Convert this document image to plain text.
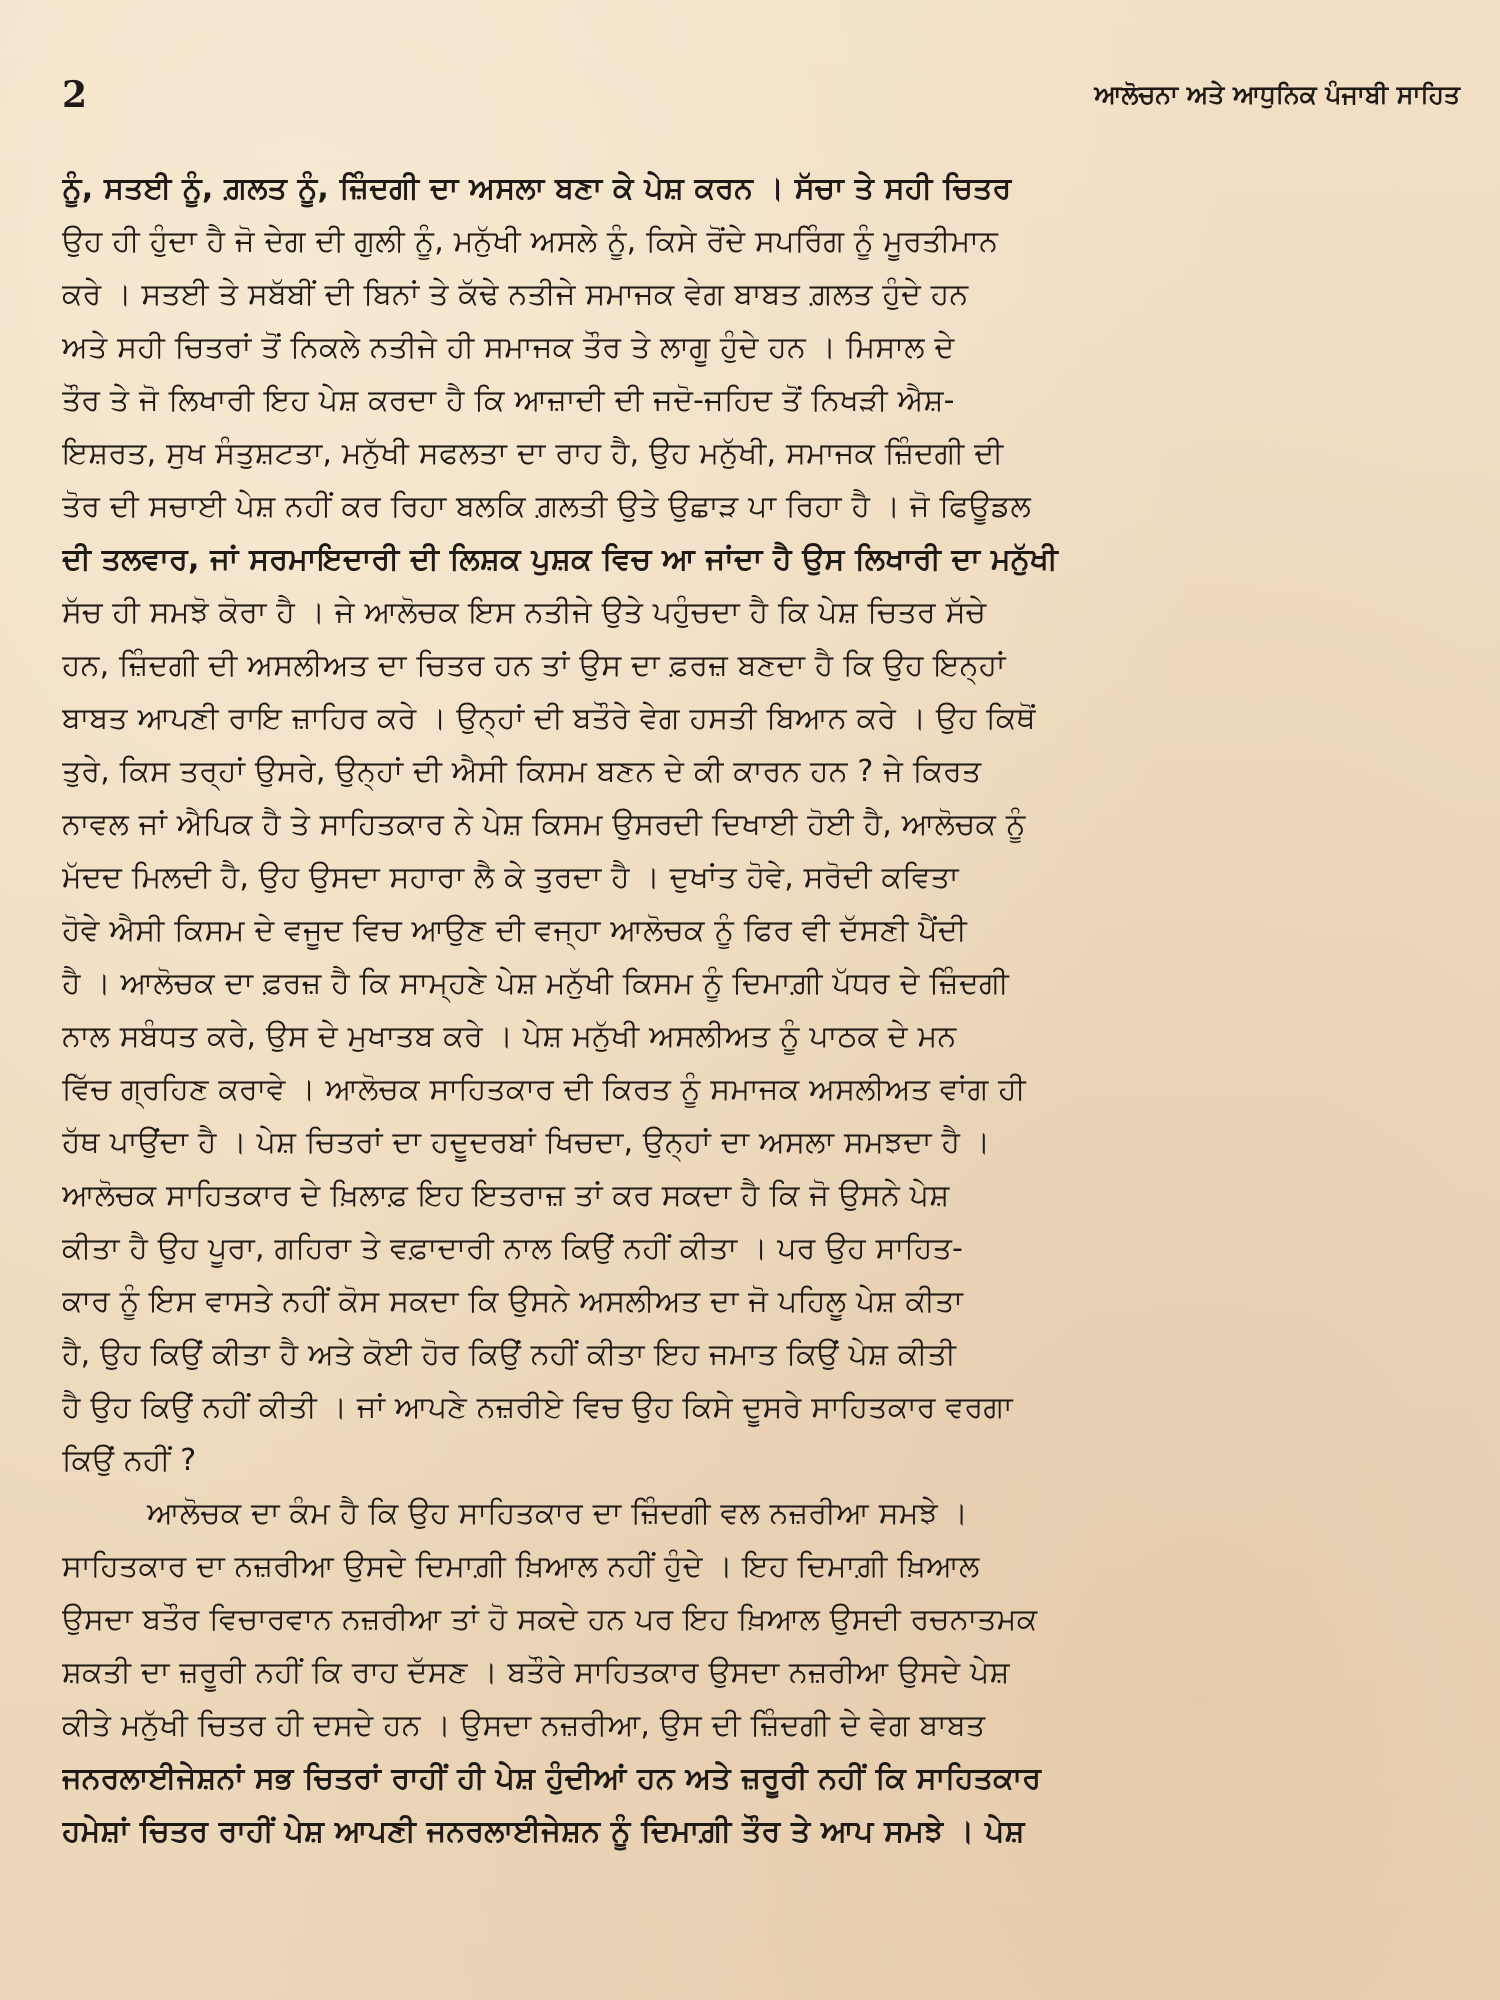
2	ਆਲੋਚਨਾ ਅਤੇ ਆਧੁਨਿਕ ਪੰਜਾਬੀ ਸਾਹਿਤ
ਨੂੰ, ਸਤਈ ਨੂੰ, ਗ਼ਲਤ ਨੂੰ, ਜ਼ਿੰਦਗੀ ਦਾ ਅਸਲਾ ਬਣਾ ਕੇ ਪੇਸ਼ ਕਰਨ । ਸੱਚਾ ਤੇ ਸਹੀ ਚਿਤਰ
ਉਹ ਹੀ ਹੁੰਦਾ ਹੈ ਜੋ ਦੇਗ ਦੀ ਗੁਲੀ ਨੂੰ, ਮਨੁੱਖੀ ਅਸਲੇ ਨੂੰ, ਕਿਸੇ ਰੋਂਦੇ ਸਪਰਿੰਗ ਨੂੰ ਮੂਰਤੀਮਾਨ
ਕਰੇ । ਸਤਈ ਤੇ ਸਬੱਬੀਂ ਦੀ ਬਿਨਾਂ ਤੇ ਕੱਢੇ ਨਤੀਜੇ ਸਮਾਜਕ ਵੇਗ ਬਾਬਤ ਗ਼ਲਤ ਹੁੰਦੇ ਹਨ
ਅਤੇ ਸਹੀ ਚਿਤਰਾਂ ਤੋਂ ਨਿਕਲੇ ਨਤੀਜੇ ਹੀ ਸਮਾਜਕ ਤੌਰ ਤੇ ਲਾਗੂ ਹੁੰਦੇ ਹਨ । ਮਿਸਾਲ ਦੇ
ਤੌਰ ਤੇ ਜੋ ਲਿਖਾਰੀ ਇਹ ਪੇਸ਼ ਕਰਦਾ ਹੈ ਕਿ ਆਜ਼ਾਦੀ ਦੀ ਜਦੋ-ਜਹਿਦ ਤੋਂ ਨਿਖੜੀ ਐਸ਼-
ਇਸ਼ਰਤ, ਸੁਖ ਸੰਤੁਸ਼ਟਤਾ, ਮਨੁੱਖੀ ਸਫਲਤਾ ਦਾ ਰਾਹ ਹੈ, ਉਹ ਮਨੁੱਖੀ, ਸਮਾਜਕ ਜ਼ਿੰਦਗੀ ਦੀ
ਤੋਰ ਦੀ ਸਚਾਈ ਪੇਸ਼ ਨਹੀਂ ਕਰ ਰਿਹਾ ਬਲਕਿ ਗ਼ਲਤੀ ਉਤੇ ਉਛਾੜ ਪਾ ਰਿਹਾ ਹੈ । ਜੋ ਫਿਊਡਲ
ਦੀ ਤਲਵਾਰ, ਜਾਂ ਸਰਮਾਇਦਾਰੀ ਦੀ ਲਿਸ਼ਕ ਪੁਸ਼ਕ ਵਿਚ ਆ ਜਾਂਦਾ ਹੈ ਉਸ ਲਿਖਾਰੀ ਦਾ ਮਨੁੱਖੀ
ਸੱਚ ਹੀ ਸਮਝੋ ਕੋਰਾ ਹੈ । ਜੇ ਆਲੋਚਕ ਇਸ ਨਤੀਜੇ ਉਤੇ ਪਹੁੰਚਦਾ ਹੈ ਕਿ ਪੇਸ਼ ਚਿਤਰ ਸੱਚੇ
ਹਨ, ਜ਼ਿੰਦਗੀ ਦੀ ਅਸਲੀਅਤ ਦਾ ਚਿਤਰ ਹਨ ਤਾਂ ਉਸ ਦਾ ਫ਼ਰਜ਼ ਬਣਦਾ ਹੈ ਕਿ ਉਹ ਇਨ੍ਹਾਂ
ਬਾਬਤ ਆਪਣੀ ਰਾਇ ਜ਼ਾਹਿਰ ਕਰੇ । ਉਨ੍ਹਾਂ ਦੀ ਬਤੌਰੇ ਵੇਗ ਹਸਤੀ ਬਿਆਨ ਕਰੇ । ਉਹ ਕਿਥੋਂ
ਤੁਰੇ, ਕਿਸ ਤਰ੍ਹਾਂ ਉਸਰੇ, ਉਨ੍ਹਾਂ ਦੀ ਐਸੀ ਕਿਸਮ ਬਣਨ ਦੇ ਕੀ ਕਾਰਨ ਹਨ ? ਜੇ ਕਿਰਤ
ਨਾਵਲ ਜਾਂ ਐਪਿਕ ਹੈ ਤੇ ਸਾਹਿਤਕਾਰ ਨੇ ਪੇਸ਼ ਕਿਸਮ ਉਸਰਦੀ ਦਿਖਾਈ ਹੋਈ ਹੈ, ਆਲੋਚਕ ਨੂੰ
ਮੱਦਦ ਮਿਲਦੀ ਹੈ, ਉਹ ਉਸਦਾ ਸਹਾਰਾ ਲੈ ਕੇ ਤੁਰਦਾ ਹੈ । ਦੁਖਾਂਤ ਹੋਵੇ, ਸਰੋਦੀ ਕਵਿਤਾ
ਹੋਵੇ ਐਸੀ ਕਿਸਮ ਦੇ ਵਜੂਦ ਵਿਚ ਆਉਣ ਦੀ ਵਜ੍ਹਾ ਆਲੋਚਕ ਨੂੰ ਫਿਰ ਵੀ ਦੱਸਣੀ ਪੈਂਦੀ
ਹੈ । ਆਲੋਚਕ ਦਾ ਫ਼ਰਜ਼ ਹੈ ਕਿ ਸਾਮ੍ਹਣੇ ਪੇਸ਼ ਮਨੁੱਖੀ ਕਿਸਮ ਨੂੰ ਦਿਮਾਗ਼ੀ ਪੱਧਰ ਦੇ ਜ਼ਿੰਦਗੀ
ਨਾਲ ਸਬੰਧਤ ਕਰੇ, ਉਸ ਦੇ ਮੁਖਾਤਬ ਕਰੇ । ਪੇਸ਼ ਮਨੁੱਖੀ ਅਸਲੀਅਤ ਨੂੰ ਪਾਠਕ ਦੇ ਮਨ
ਵਿੱਚ ਗ੍ਰਹਿਣ ਕਰਾਵੇ । ਆਲੋਚਕ ਸਾਹਿਤਕਾਰ ਦੀ ਕਿਰਤ ਨੂੰ ਸਮਾਜਕ ਅਸਲੀਅਤ ਵਾਂਗ ਹੀ
ਹੱਥ ਪਾਉਂਦਾ ਹੈ । ਪੇਸ਼ ਚਿਤਰਾਂ ਦਾ ਹਦੂਦਰਬਾਂ ਖਿਚਦਾ, ਉਨ੍ਹਾਂ ਦਾ ਅਸਲਾ ਸਮਝਦਾ ਹੈ ।
ਆਲੋਚਕ ਸਾਹਿਤਕਾਰ ਦੇ ਖ਼ਿਲਾਫ਼ ਇਹ ਇਤਰਾਜ਼ ਤਾਂ ਕਰ ਸਕਦਾ ਹੈ ਕਿ ਜੋ ਉਸਨੇ ਪੇਸ਼
ਕੀਤਾ ਹੈ ਉਹ ਪੂਰਾ, ਗਹਿਰਾ ਤੇ ਵਫ਼ਾਦਾਰੀ ਨਾਲ ਕਿਉਂ ਨਹੀਂ ਕੀਤਾ । ਪਰ ਉਹ ਸਾਹਿਤ-
ਕਾਰ ਨੂੰ ਇਸ ਵਾਸਤੇ ਨਹੀਂ ਕੋਸ ਸਕਦਾ ਕਿ ਉਸਨੇ ਅਸਲੀਅਤ ਦਾ ਜੋ ਪਹਿਲੂ ਪੇਸ਼ ਕੀਤਾ
ਹੈ, ਉਹ ਕਿਉਂ ਕੀਤਾ ਹੈ ਅਤੇ ਕੋਈ ਹੋਰ ਕਿਉਂ ਨਹੀਂ ਕੀਤਾ ਇਹ ਜਮਾਤ ਕਿਉਂ ਪੇਸ਼ ਕੀਤੀ
ਹੈ ਉਹ ਕਿਉਂ ਨਹੀਂ ਕੀਤੀ । ਜਾਂ ਆਪਣੇ ਨਜ਼ਰੀਏ ਵਿਚ ਉਹ ਕਿਸੇ ਦੂਸਰੇ ਸਾਹਿਤਕਾਰ ਵਰਗਾ
ਕਿਉਂ ਨਹੀਂ ?
ਆਲੋਚਕ ਦਾ ਕੰਮ ਹੈ ਕਿ ਉਹ ਸਾਹਿਤਕਾਰ ਦਾ ਜ਼ਿੰਦਗੀ ਵਲ ਨਜ਼ਰੀਆ ਸਮਝੇ ।
ਸਾਹਿਤਕਾਰ ਦਾ ਨਜ਼ਰੀਆ ਉਸਦੇ ਦਿਮਾਗ਼ੀ ਖ਼ਿਆਲ ਨਹੀਂ ਹੁੰਦੇ । ਇਹ ਦਿਮਾਗ਼ੀ ਖ਼ਿਆਲ
ਉਸਦਾ ਬਤੌਰ ਵਿਚਾਰਵਾਨ ਨਜ਼ਰੀਆ ਤਾਂ ਹੋ ਸਕਦੇ ਹਨ ਪਰ ਇਹ ਖ਼ਿਆਲ ਉਸਦੀ ਰਚਨਾਤਮਕ
ਸ਼ਕਤੀ ਦਾ ਜ਼ਰੂਰੀ ਨਹੀਂ ਕਿ ਰਾਹ ਦੱਸਣ । ਬਤੌਰੇ ਸਾਹਿਤਕਾਰ ਉਸਦਾ ਨਜ਼ਰੀਆ ਉਸਦੇ ਪੇਸ਼
ਕੀਤੇ ਮਨੁੱਖੀ ਚਿਤਰ ਹੀ ਦਸਦੇ ਹਨ । ਉਸਦਾ ਨਜ਼ਰੀਆ, ਉਸ ਦੀ ਜ਼ਿੰਦਗੀ ਦੇ ਵੇਗ ਬਾਬਤ
ਜਨਰਲਾਈਜੇਸ਼ਨਾਂ ਸਭ ਚਿਤਰਾਂ ਰਾਹੀਂ ਹੀ ਪੇਸ਼ ਹੁੰਦੀਆਂ ਹਨ ਅਤੇ ਜ਼ਰੂਰੀ ਨਹੀਂ ਕਿ ਸਾਹਿਤਕਾਰ
ਹਮੇਸ਼ਾਂ ਚਿਤਰ ਰਾਹੀਂ ਪੇਸ਼ ਆਪਣੀ ਜਨਰਲਾਈਜੇਸ਼ਨ ਨੂੰ ਦਿਮਾਗ਼ੀ ਤੌਰ ਤੇ ਆਪ ਸਮਝੇ । ਪੇਸ਼
